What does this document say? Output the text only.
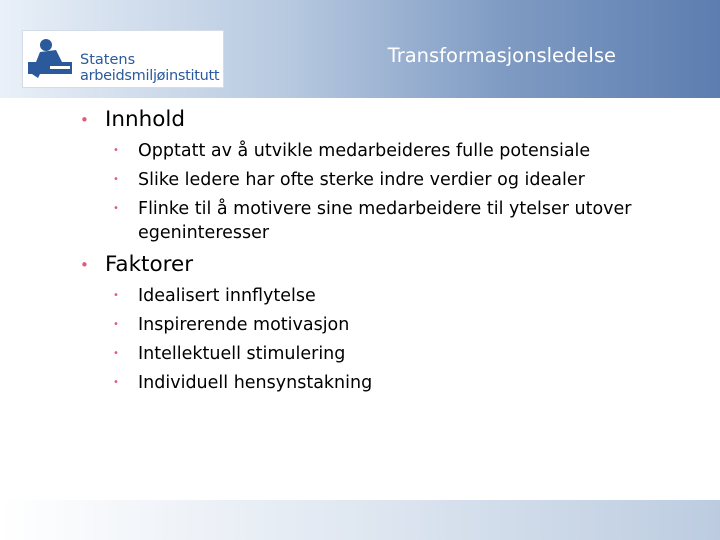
Statens
arbeidsmiljøinstitutt
Transformasjonsledelse
• Innhold
• Opptatt av å utvikle medarbeideres fulle potensiale
• Slike ledere har ofte sterke indre verdier og idealer
• Flinke til å motivere sine medarbeidere til ytelser utover egeninteresser
• Faktorer
• Idealisert innflytelse
• Inspirerende motivasjon
• Intellektuell stimulering
• Individuell hensynstakning
